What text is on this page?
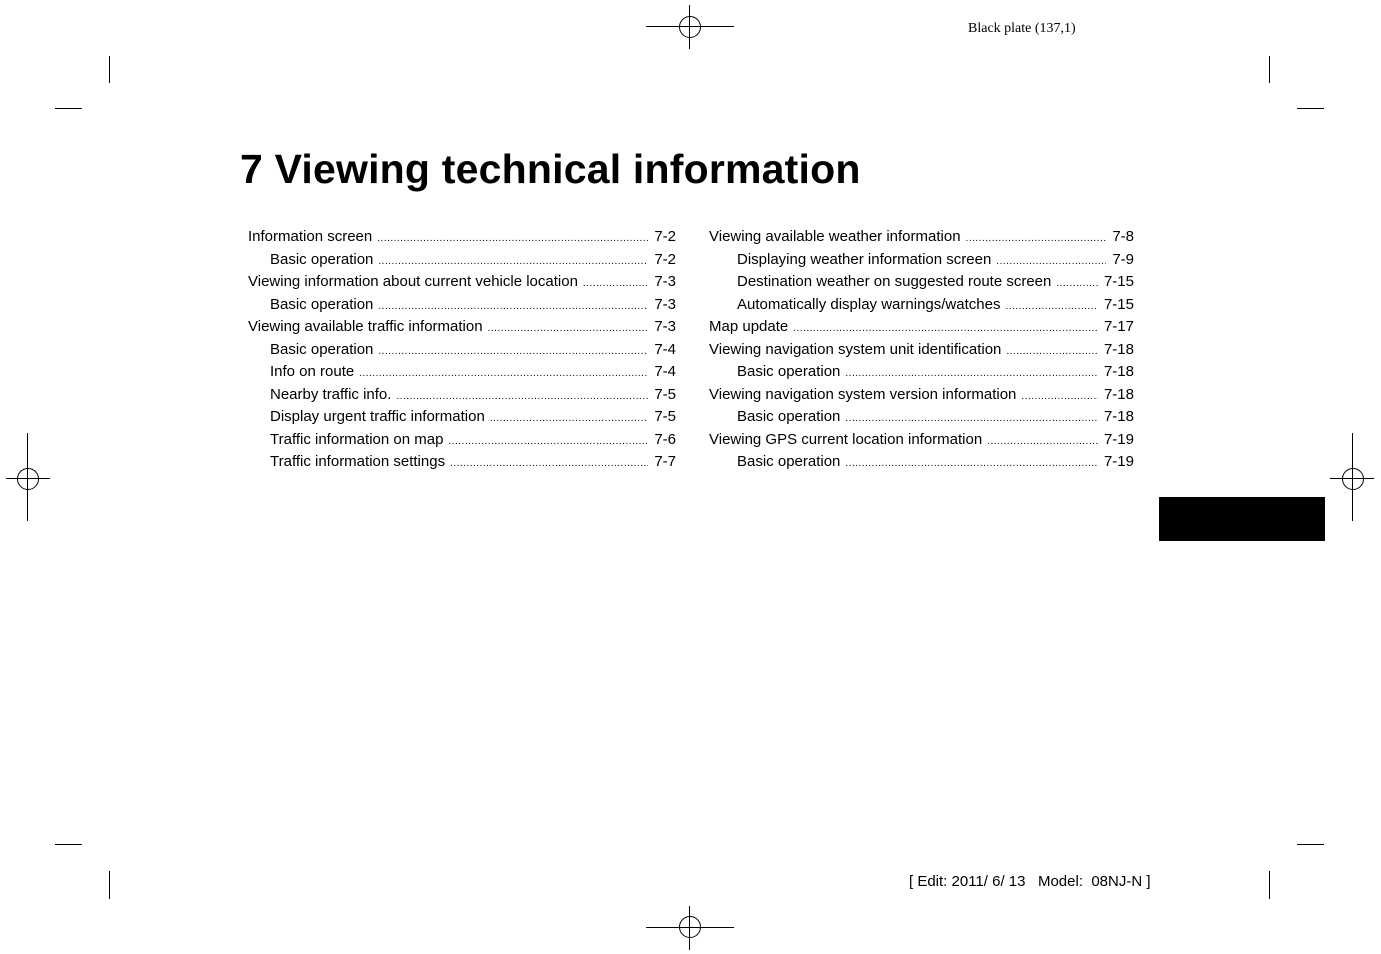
Black plate (137,1)
7 Viewing technical information
Information screen .....	7-2
Basic operation .....	7-2
Viewing information about current vehicle location .....	7-3
Basic operation .....	7-3
Viewing available traffic information .....	7-3
Basic operation .....	7-4
Info on route .....	7-4
Nearby traffic info. .....	7-5
Display urgent traffic information .....	7-5
Traffic information on map .....	7-6
Traffic information settings .....	7-7
Viewing available weather information .....	7-8
Displaying weather information screen .....	7-9
Destination weather on suggested route screen .....	7-15
Automatically display warnings/watches .....	7-15
Map update .....	7-17
Viewing navigation system unit identification .....	7-18
Basic operation .....	7-18
Viewing navigation system version information .....	7-18
Basic operation .....	7-18
Viewing GPS current location information .....	7-19
Basic operation .....	7-19
[ Edit: 2011/ 6/ 13   Model:  08NJ-N ]
